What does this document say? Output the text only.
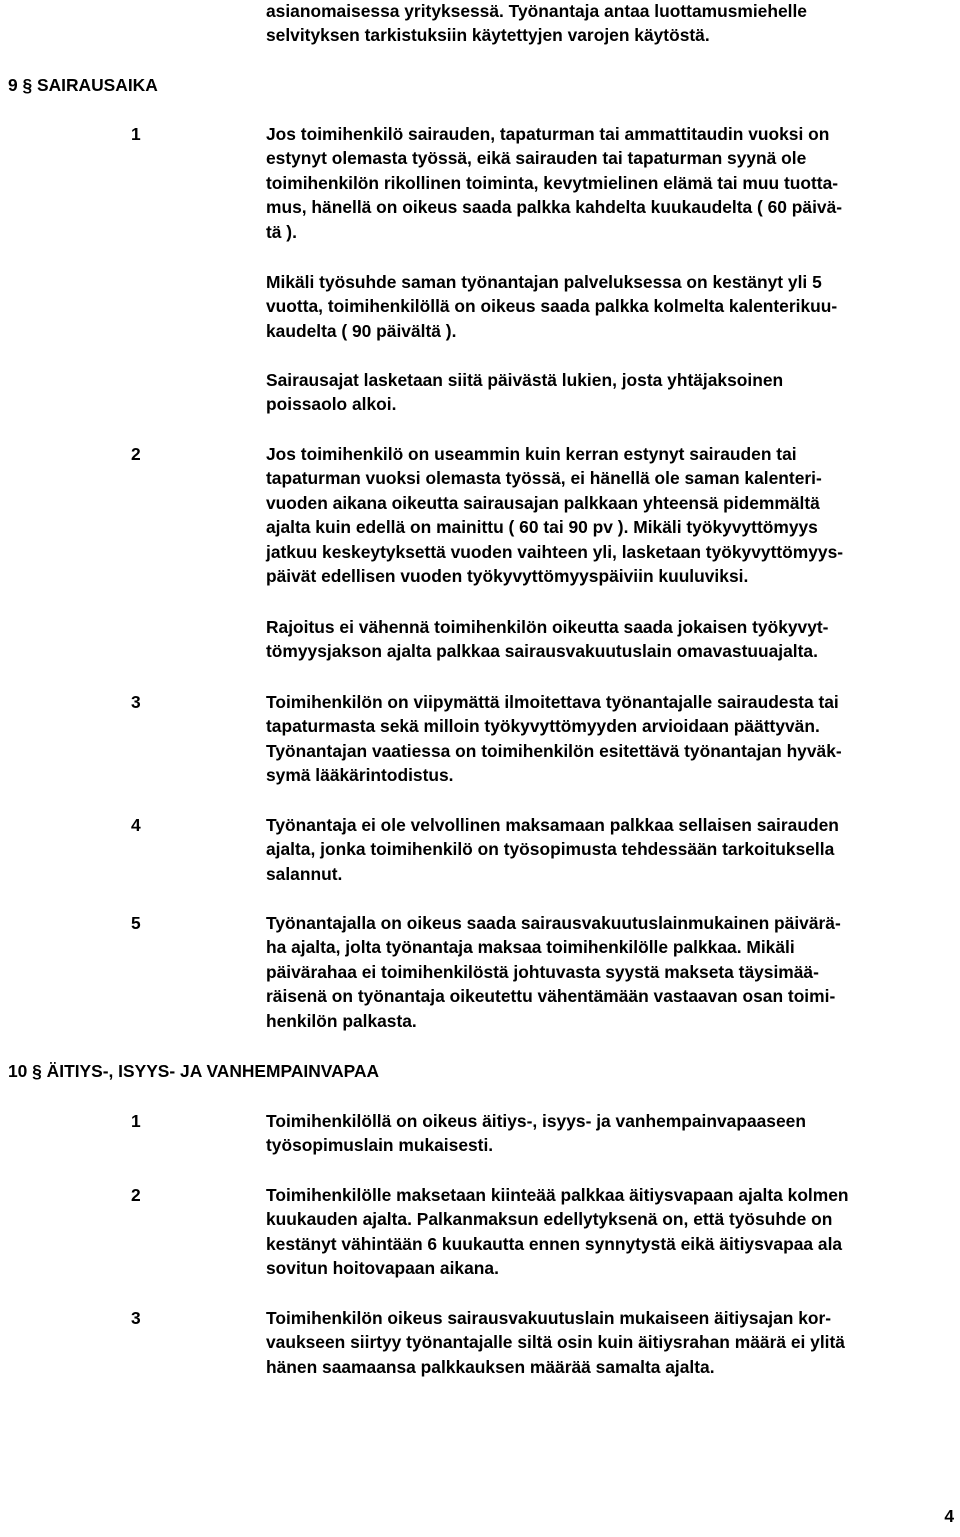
asianomaisessa yrityksessä. Työnantaja antaa luottamusmiehelle
selvityksen tarkistuksiin käytettyjen varojen käytöstä.
9 § SAIRAUSAIKA
1	Jos toimihenkilö sairauden, tapaturman tai ammattitaudin vuoksi on
estynyt olemasta työssä, eikä sairauden tai tapaturman syynä ole
toimihenkilön rikollinen toiminta, kevytmielinen elämä tai muu tuotta-
mus, hänellä on oikeus saada palkka kahdelta kuukaudelta ( 60 päivä-
tä ).
Mikäli työsuhde saman työnantajan palveluksessa on kestänyt yli 5
vuotta, toimihenkilöllä on oikeus saada palkka kolmelta kalenterikuu-
kaudelta ( 90 päivältä ).
Sairausajat lasketaan siitä päivästä lukien, josta yhtäjaksoinen
poissaolo alkoi.
2	Jos toimihenkilö on useammin kuin kerran estynyt sairauden tai
tapaturman vuoksi olemasta työssä, ei hänellä ole saman kalenteri-
vuoden aikana oikeutta sairausajan palkkaan yhteensä pidemmältä
ajalta kuin edellä on mainittu ( 60 tai 90 pv ). Mikäli työkyvyttömyys
jatkuu keskeytyksettä vuoden vaihteen yli, lasketaan työkyvyttömyys-
päivät edellisen vuoden työkyvyttömyyspäiviin kuuluviksi.
Rajoitus ei vähennä toimihenkilön oikeutta saada jokaisen työkyvyt-
tömyysjakson ajalta palkkaa sairausvakuutuslain omavastuuajalta.
3	Toimihenkilön on viipymättä ilmoitettava työnantajalle sairaudesta tai
tapaturmasta sekä milloin työkyvyttömyyden arvioidaan päättyvän.
Työnantajan vaatiessa on toimihenkilön esitettävä työnantajan hyväk-
symä lääkärintodistus.
4	Työnantaja ei ole velvollinen maksamaan palkkaa sellaisen sairauden
ajalta, jonka toimihenkilö on työsopimusta tehdessään tarkoituksella
salannut.
5	Työnantajalla on oikeus saada sairausvakuutuslainmukainen päivärä-
ha ajalta, jolta työnantaja maksaa toimihenkilölle palkkaa. Mikäli
päivärahaa ei toimihenkilöstä johtuvasta syystä makseta täysimää-
räisenä on työnantaja oikeutettu vähentämään vastaavan osan toimi-
henkilön palkasta.
10 § ÄITIYS-, ISYYS- JA VANHEMPAINVAPAA
1	Toimihenkilöllä on oikeus äitiys-, isyys- ja vanhempainvapaaseen
työsopimuslain mukaisesti.
2	Toimihenkilölle maksetaan kiinteää palkkaa äitiysvapaan ajalta kolmen
kuukauden ajalta. Palkanmaksun edellytyksenä on, että työsuhde on
kestänyt vähintään 6 kuukautta ennen synnytystä eikä äitiysvapaa ala
sovitun hoitovapaan aikana.
3	Toimihenkilön oikeus sairausvakuutuslain mukaiseen äitiysajan kor-
vaukseen siirtyy työnantajalle siltä osin kuin äitiysrahan määrä ei ylitä
hänen saamaansa palkkauksen määrää samalta ajalta.
4
